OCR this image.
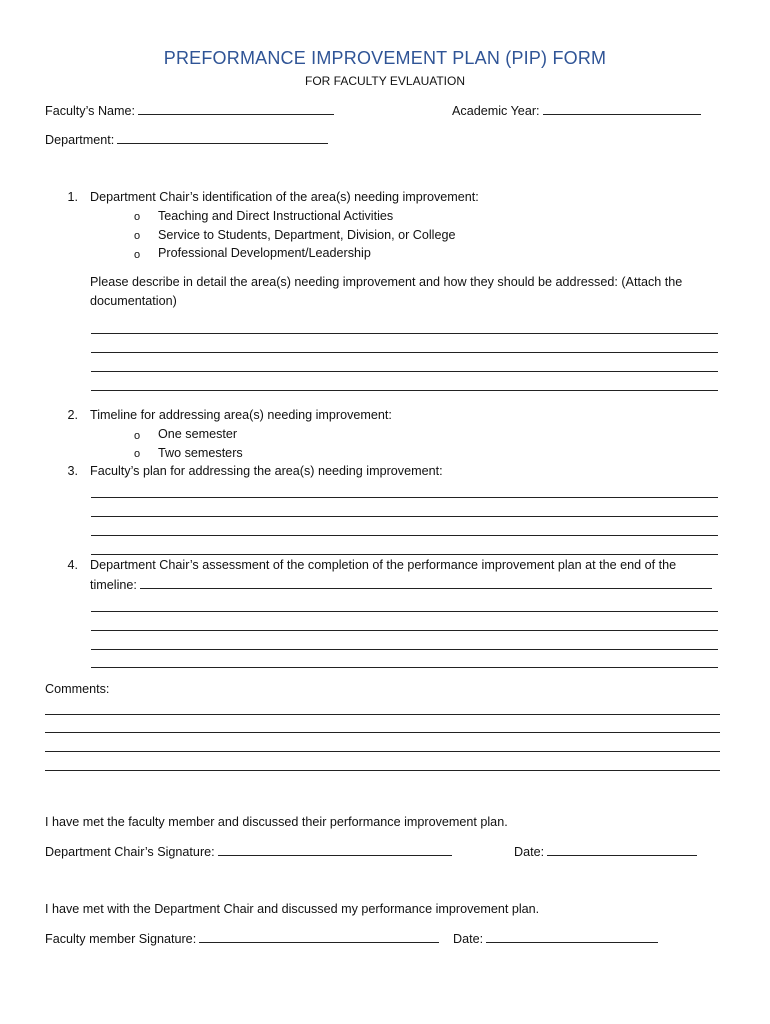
PREFORMANCE IMPROVEMENT PLAN (PIP) FORM
FOR FACULTY EVLAUATION
Faculty’s Name:	Academic Year:
Department:
1. Department Chair’s identification of the area(s) needing improvement:
o Teaching and Direct Instructional Activities
o Service to Students, Department, Division, or College
o Professional Development/Leadership
Please describe in detail the area(s) needing improvement and how they should be addressed: (Attach the
documentation)
2. Timeline for addressing area(s) needing improvement:
o One semester
o Two semesters
3. Faculty’s plan for addressing the area(s) needing improvement:
4. Department Chair’s assessment of the completion of the performance improvement plan at the end of the
timeline:
Comments:
I have met the faculty member and discussed their performance improvement plan.
Department Chair’s Signature:	Date:
I have met with the Department Chair and discussed my performance improvement plan.
Faculty member Signature:	Date:
